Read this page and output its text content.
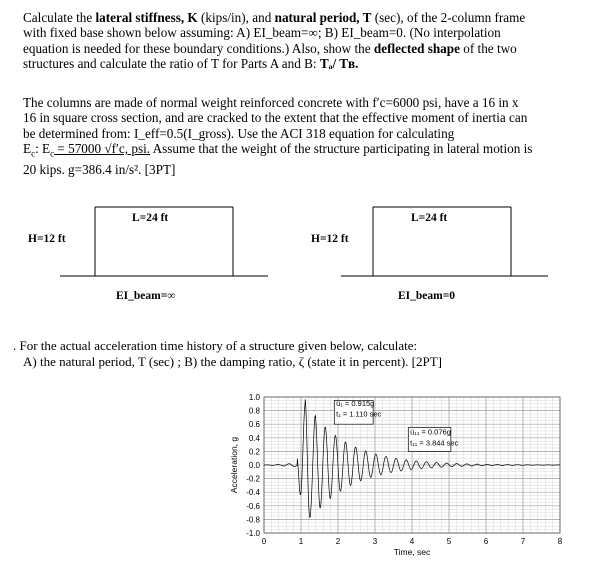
Calculate the lateral stiffness, K (kips/in), and natural period, T (sec), of the 2-column frame
with fixed base shown below assuming: A) EI_beam=∞; B) EI_beam=0. (No interpolation
equation is needed for these boundary conditions.) Also, show the deflected shape of the two
structures and calculate the ratio of T for Parts A and B: Tₐ/ Tʙ.
The columns are made of normal weight reinforced concrete with f′c=6000 psi, have a 16 in x
16 in square cross section, and are cracked to the extent that the effective moment of inertia can
be determined from: I_eff=0.5(I_gross). Use the ACI 318 equation for calculating
$E_c$: $E_c = 57000$ √f′c, psi. Assume that the weight of the structure participating in lateral motion is
20 kips. g=386.4 in/s². [3PT]
L=24 ft
H=12 ft
EI_beam=∞
L=24 ft
H=12 ft
EI_beam=0
. For the actual acceleration time history of a structure given below, calculate:
A) the natural period, T (sec) ; B) the damping ratio, ζ (state it in percent). [2PT]
1.0
0.8
0.6
0.4
0.2
0.0
-0.2
-0.4
-0.6
-0.8
-1.0
0	1	2	3	4	5	6	7	8
Time, sec
Acceleration, g
ü₁ = 0.915g
t₁ = 1.110 sec
ü₁₁ = 0.076g
t₁₁ = 3.844 sec
